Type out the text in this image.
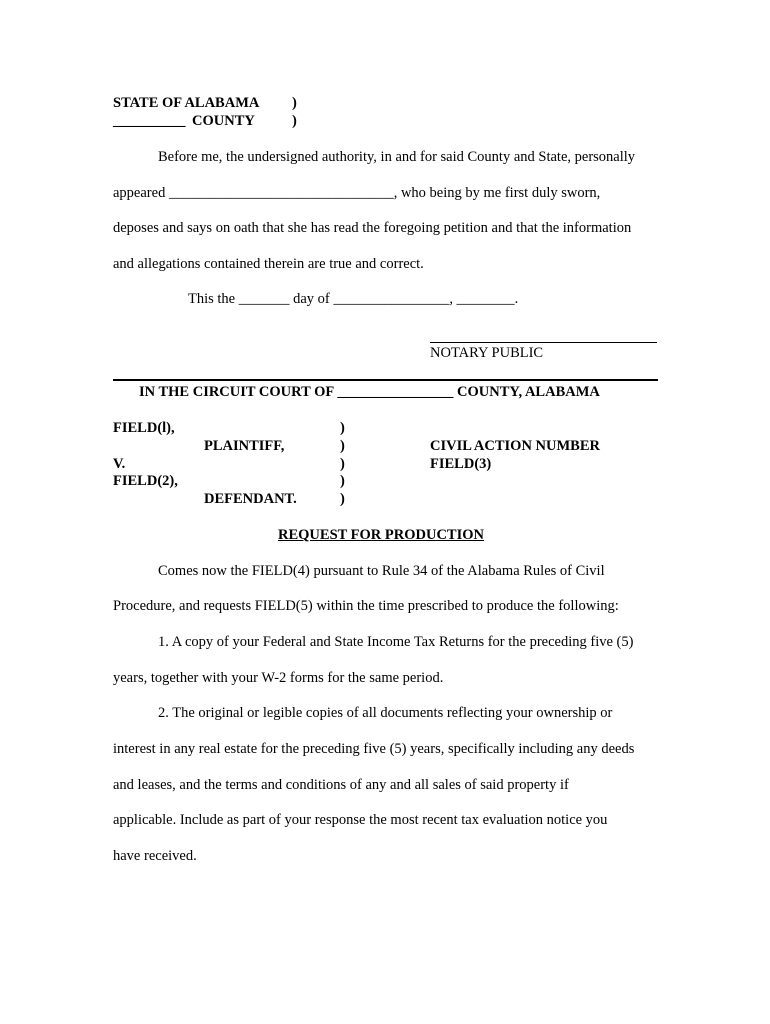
STATE OF ALABAMA )
__________ COUNTY	)
Before me, the undersigned authority, in and for said County and State, personally
appeared _______________________________, who being by me first duly sworn,
deposes and says on oath that she has read the foregoing petition and that the information
and allegations contained therein are true and correct.
This the _______ day of ________________, ________.
NOTARY PUBLIC
IN THE CIRCUIT COURT OF ________________ COUNTY, ALABAMA
FIELD(l),
PLAINTIFF,
V.
FIELD(2),
DEFENDANT.
)
)
)
)
)
CIVIL ACTION NUMBER
FIELD(3)
REQUEST FOR PRODUCTION
Comes now the FIELD(4) pursuant to Rule 34 of the Alabama Rules of Civil
Procedure, and requests FIELD(5) within the time prescribed to produce the following:
1. A copy of your Federal and State Income Tax Returns for the preceding five (5)
years, together with your W-2 forms for the same period.
2. The original or legible copies of all documents reflecting your ownership or
interest in any real estate for the preceding five (5) years, specifically including any deeds
and leases, and the terms and conditions of any and all sales of said property if
applicable. Include as part of your response the most recent tax evaluation notice you
have received.
